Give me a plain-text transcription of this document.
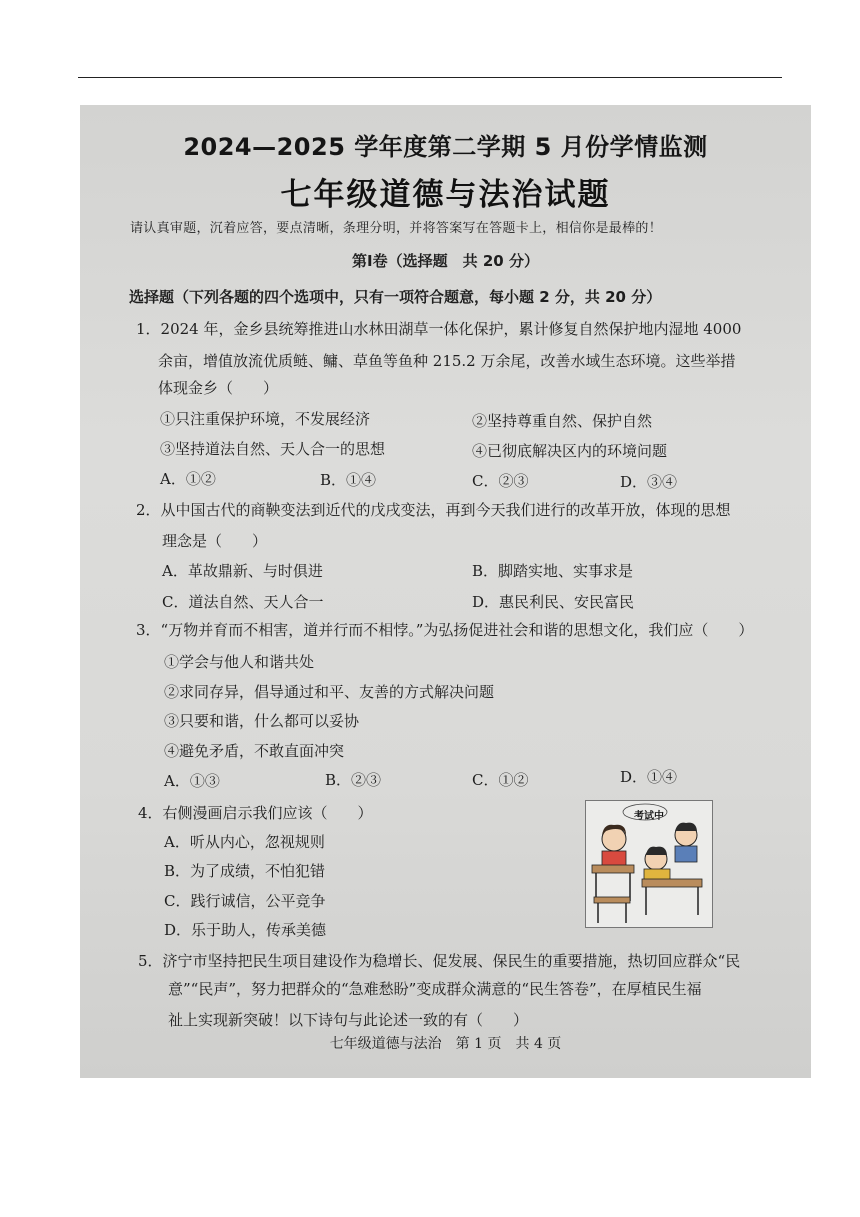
2024—2025 学年度第二学期 5 月份学情监测
七年级道德与法治试题
请认真审题，沉着应答，要点清晰，条理分明，并将答案写在答题卡上，相信你是最棒的！
第Ⅰ卷（选择题　共 20 分）
选择题（下列各题的四个选项中，只有一项符合题意，每小题 2 分，共 20 分）
1．2024 年，金乡县统筹推进山水林田湖草一体化保护，累计修复自然保护地内湿地 4000
余亩，增值放流优质鲢、鳙、草鱼等鱼种 215.2 万余尾，改善水域生态环境。这些举措
体现金乡（　　）
①只注重保护环境，不发展经济	②坚持尊重自然、保护自然
③坚持道法自然、天人合一的思想	④已彻底解决区内的环境问题
A．①②	B．①④	C．②③	D．③④
2．从中国古代的商鞅变法到近代的戊戌变法，再到今天我们进行的改革开放，体现的思想
理念是（　　）
A．革故鼎新、与时俱进	B．脚踏实地、实事求是
C．道法自然、天人合一	D．惠民利民、安民富民
3．“万物并育而不相害，道并行而不相悖。”为弘扬促进社会和谐的思想文化，我们应（　　）
①学会与他人和谐共处
②求同存异，倡导通过和平、友善的方式解决问题
③只要和谐，什么都可以妥协
④避免矛盾，不敢直面冲突
A．①③	B．②③	C．①②	D．①④
4．右侧漫画启示我们应该（　　）
A．听从内心，忽视规则
B．为了成绩，不怕犯错
C．践行诚信，公平竞争
D．乐于助人，传承美德
考试中
5．济宁市坚持把民生项目建设作为稳增长、促发展、保民生的重要措施，热切回应群众“民
意”“民声”，努力把群众的“急难愁盼”变成群众满意的“民生答卷”，在厚植民生福
祉上实现新突破！以下诗句与此论述一致的有（　　）
七年级道德与法治　第 1 页　共 4 页
